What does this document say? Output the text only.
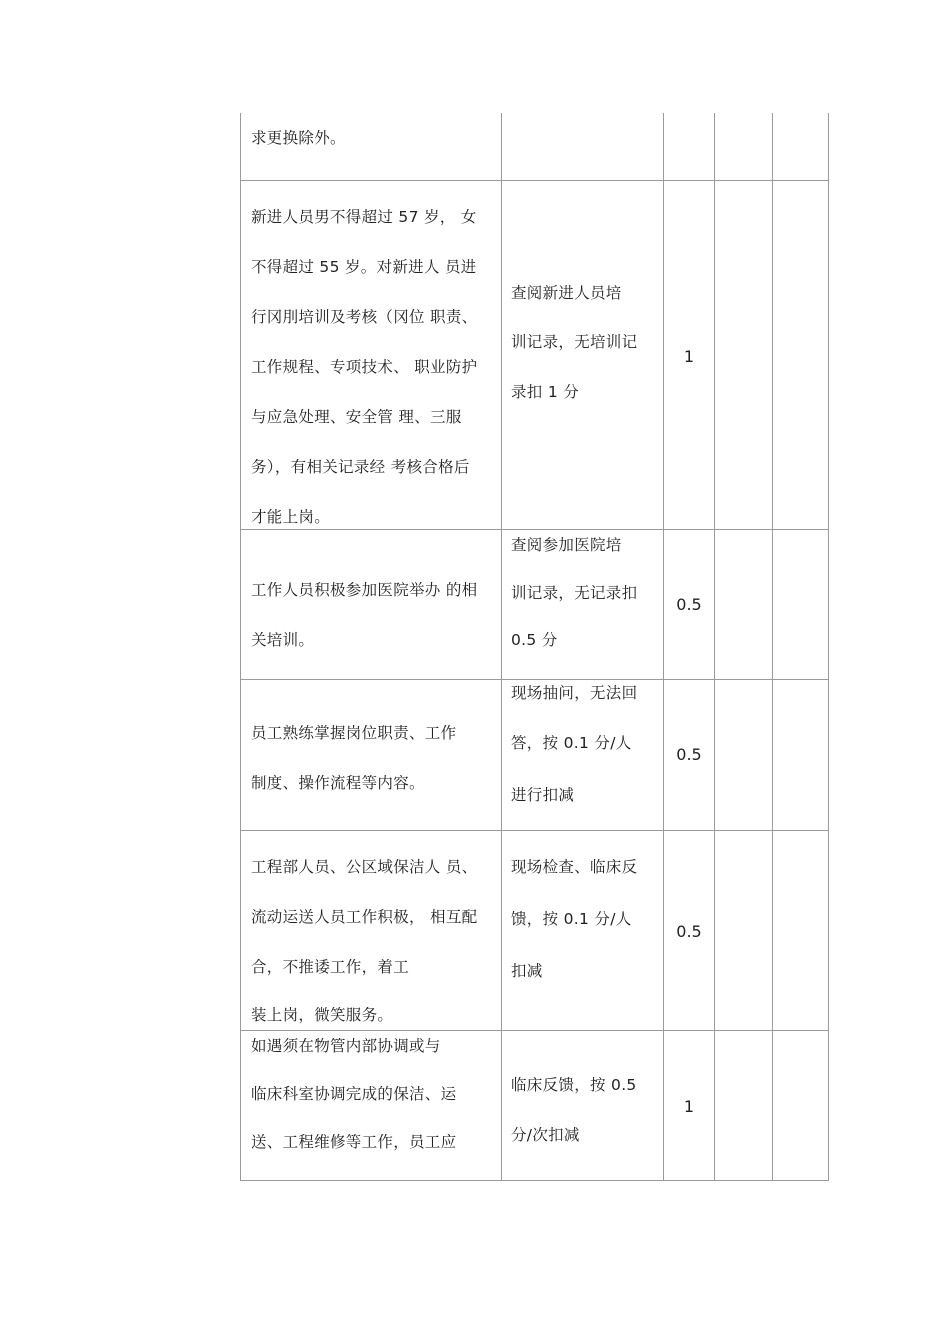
求更换除外。
新进人员男不得超过 57 岁， 女
不得超过 55 岁。对新进人 员进
行冈刖培训及考核（冈位 职责、
工作规程、专项技术、 职业防护
与应急处理、安全管 理、三服
务），有相关记录经 考核合格后
才能上岗。
查阅新进人员培
训记录，无培训记
录扣 1 分
1
工作人员积极参加医院举办 的相
关培训。
查阅参加医院培
训记录，无记录扣
0.5 分
0.5
员工熟练掌握岗位职责、工作
制度、操作流程等内容。
现场抽问，无法回
答，按 0.1 分/人
进行扣减
0.5
工程部人员、公区域保洁人 员、
流动运送人员工作积极， 相互配
合，不推诿工作，着工
装上岗，微笑服务。
现场检查、临床反
馈，按 0.1 分/人
扣减
0.5
如遇须在物管内部协调或与
临床科室协调完成的保洁、运
送、工程维修等工作，员工应
临床反馈，按 0.5
分/次扣减
1
